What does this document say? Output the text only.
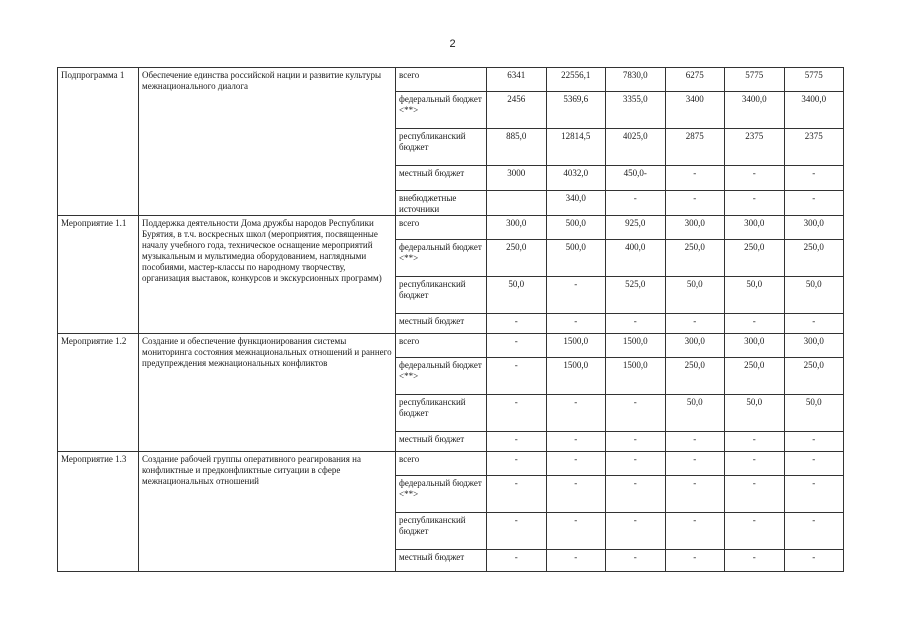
2
Подпрограмма 1	Обеспечение единства российской нации и развитие культуры межнационального диалога	всего	6341	22556,1	7830,0	6275	5775	5775
		федеральный бюджет <**>	2456	5369,6	3355,0	3400	3400,0	3400,0
		республиканский бюджет	885,0	12814,5	4025,0	2875	2375	2375
		местный бюджет	3000	4032,0	450,0-	-	-	-
		внебюджетные источники		340,0	-	-	-	-
Мероприятие 1.1	Поддержка деятельности Дома дружбы народов Республики Бурятия, в т.ч. воскресных школ (мероприятия, посвященные началу учебного года, техническое оснащение мероприятий музыкальным и мультимедиа оборудованием, наглядными пособиями, мастер-классы по народному творчеству, организация выставок, конкурсов и экскурсионных программ)	всего	300,0	500,0	925,0	300,0	300,0	300,0
		федеральный бюджет <**>	250,0	500,0	400,0	250,0	250,0	250,0
		республиканский бюджет	50,0	-	525,0	50,0	50,0	50,0
		местный бюджет	-	-	-	-	-	-
Мероприятие 1.2	Создание и обеспечение функционирования системы мониторинга состояния межнациональных отношений и раннего предупреждения межнациональных конфликтов	всего	-	1500,0	1500,0	300,0	300,0	300,0
		федеральный бюджет <**>	-	1500,0	1500,0	250,0	250,0	250,0
		республиканский бюджет	-	-	-	50,0	50,0	50,0
		местный бюджет	-	-	-	-	-	-
Мероприятие 1.3	Создание рабочей группы оперативного реагирования на конфликтные и предконфликтные ситуации в сфере межнациональных отношений	всего	-	-	-	-	-	-
		федеральный бюджет <**>	-	-	-	-	-	-
		республиканский бюджет	-	-	-	-	-	-
		местный бюджет	-	-	-	-	-	-
